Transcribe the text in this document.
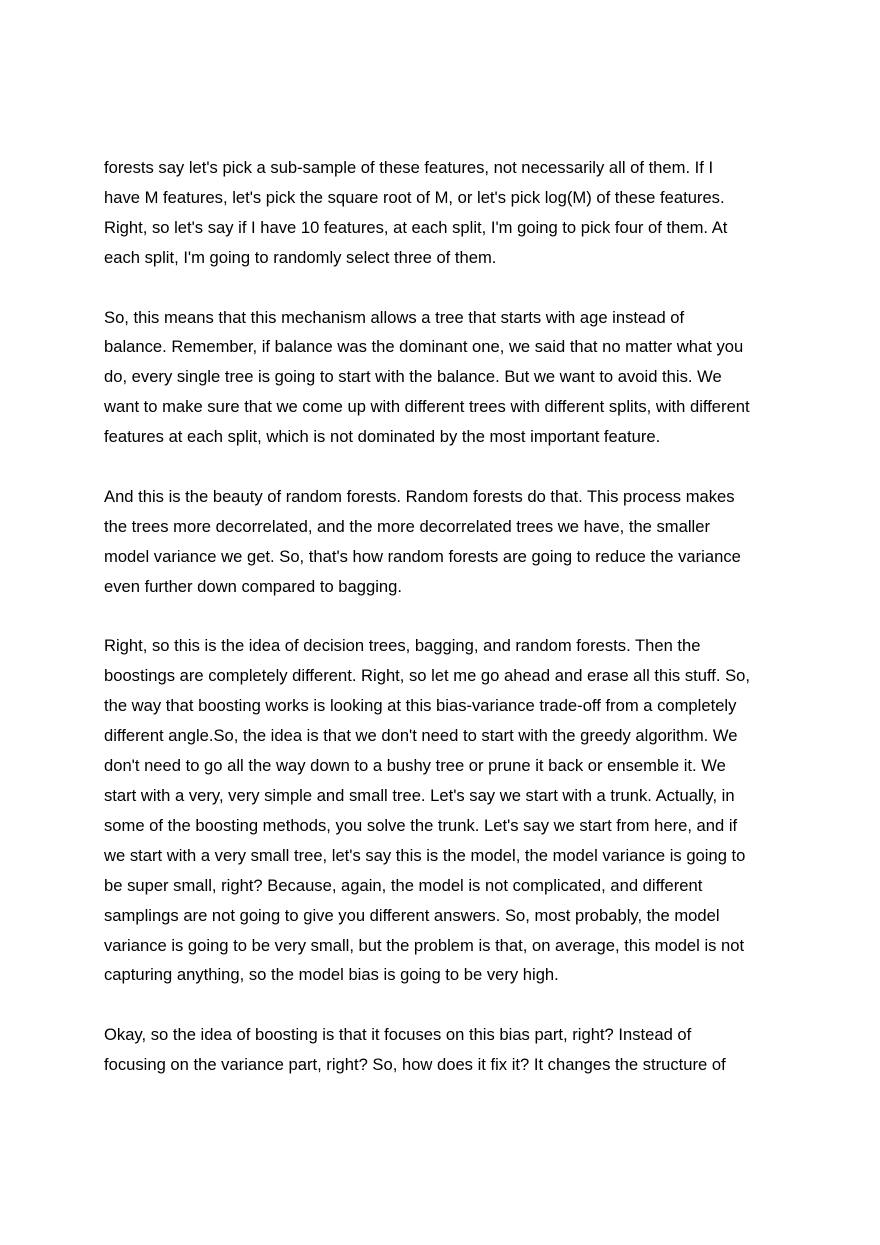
forests say let's pick a sub-sample of these features, not necessarily all of them. If I
have M features, let's pick the square root of M, or let's pick log(M) of these features.
Right, so let's say if I have 10 features, at each split, I'm going to pick four of them. At
each split, I'm going to randomly select three of them.

So, this means that this mechanism allows a tree that starts with age instead of
balance. Remember, if balance was the dominant one, we said that no matter what you
do, every single tree is going to start with the balance. But we want to avoid this. We
want to make sure that we come up with different trees with different splits, with different
features at each split, which is not dominated by the most important feature.

And this is the beauty of random forests. Random forests do that. This process makes
the trees more decorrelated, and the more decorrelated trees we have, the smaller
model variance we get. So, that's how random forests are going to reduce the variance
even further down compared to bagging.

Right, so this is the idea of decision trees, bagging, and random forests. Then the
boostings are completely different. Right, so let me go ahead and erase all this stuff. So,
the way that boosting works is looking at this bias-variance trade-off from a completely
different angle.So, the idea is that we don't need to start with the greedy algorithm. We
don't need to go all the way down to a bushy tree or prune it back or ensemble it. We
start with a very, very simple and small tree. Let's say we start with a trunk. Actually, in
some of the boosting methods, you solve the trunk. Let's say we start from here, and if
we start with a very small tree, let's say this is the model, the model variance is going to
be super small, right? Because, again, the model is not complicated, and different
samplings are not going to give you different answers. So, most probably, the model
variance is going to be very small, but the problem is that, on average, this model is not
capturing anything, so the model bias is going to be very high.

Okay, so the idea of boosting is that it focuses on this bias part, right? Instead of
focusing on the variance part, right? So, how does it fix it? It changes the structure of
